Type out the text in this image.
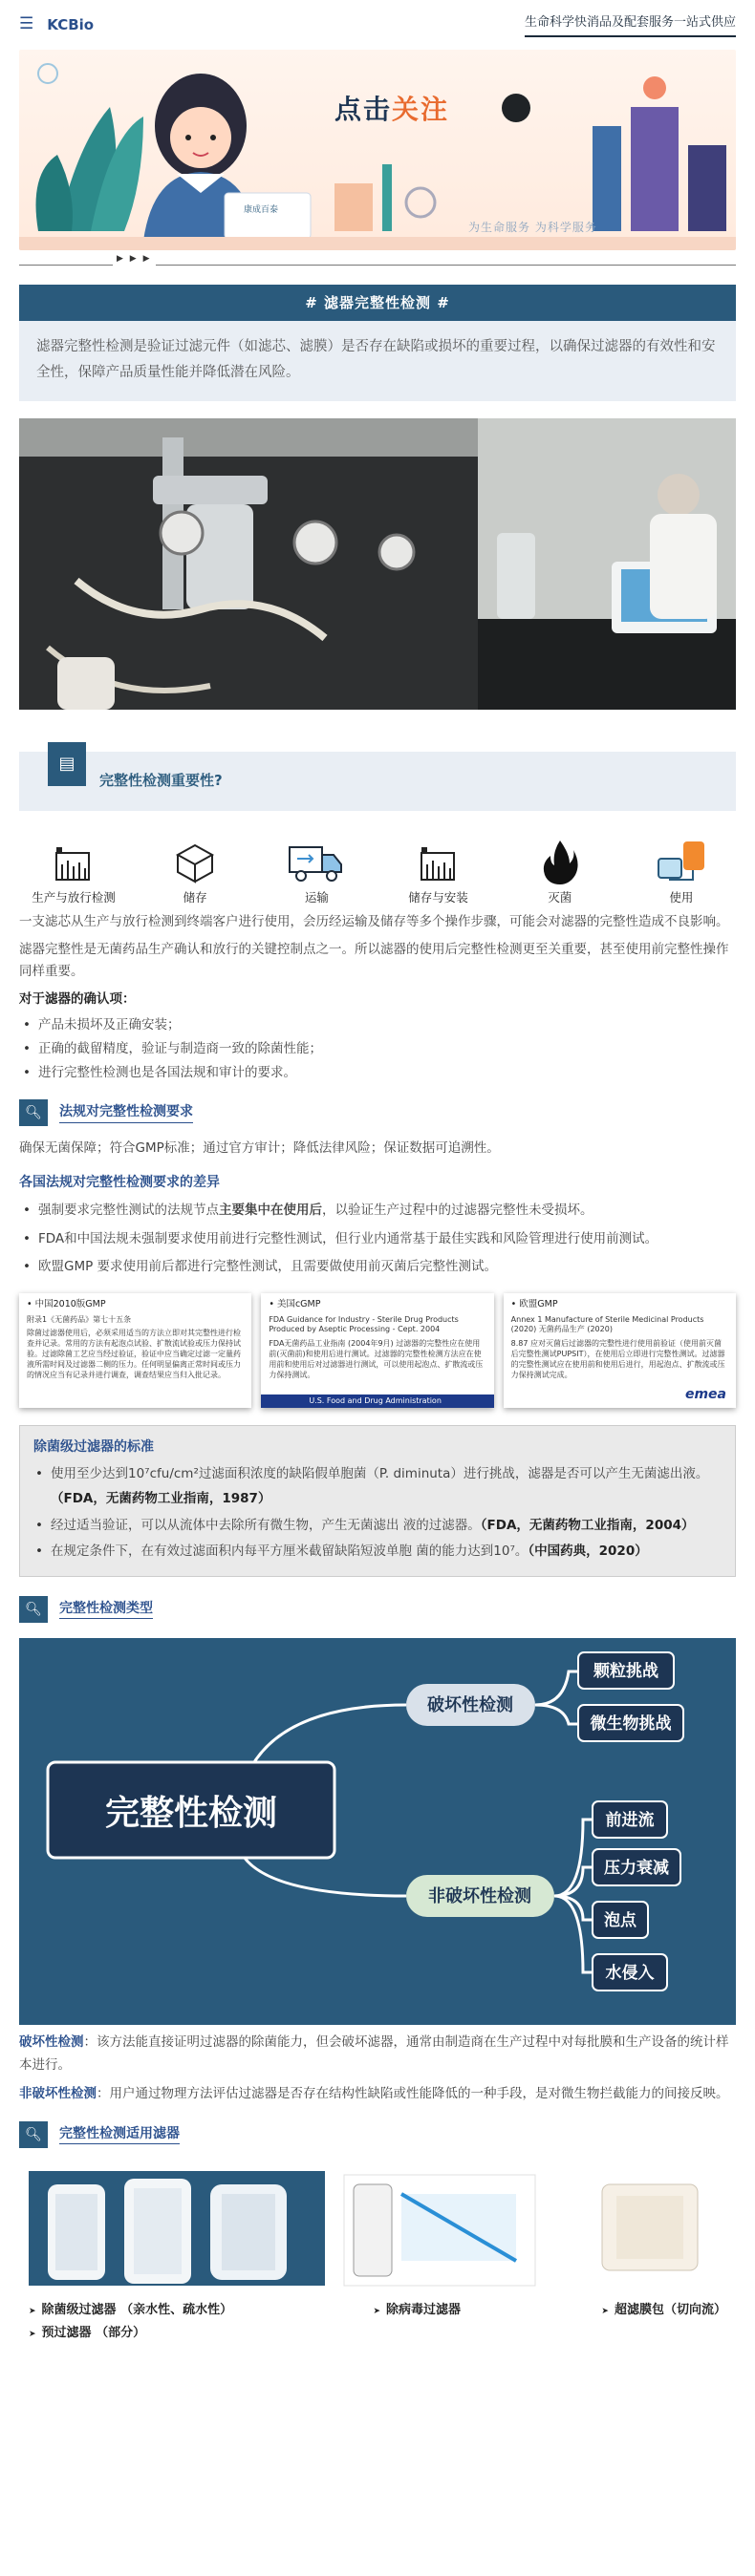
☰ KCBio	生命科学快消品及配套服务一站式供应
康成百泰
点击关注
为生命服务 为科学服务
▶ ▶ ▶
# 滤器完整性检测 #
滤器完整性检测是验证过滤元件（如滤芯、滤膜）是否存在缺陷或损坏的重要过程，以确保过滤器的有效性和安全性，保障产品质量性能并降低潜在风险。
▤
完整性检测重要性?
生产与放行检测	储存	运输	储存与安装	灭菌	使用

一支滤芯从生产与放行检测到终端客户进行使用，会历经运输及储存等多个操作步骤，可能会对滤器的完整性造成不良影响。

滤器完整性是无菌药品生产确认和放行的关键控制点之一。所以滤器的使用后完整性检测更至关重要，甚至使用前完整性操作同样重要。

对于滤器的确认项：
• 产品未损坏及正确安装；
• 正确的截留精度，验证与制造商一致的除菌性能；
• 进行完整性检测也是各国法规和审计的要求。
🔍︎	法规对完整性检测要求

确保无菌保障；符合GMP标准；通过官方审计；降低法律风险；保证数据可追溯性。

各国法规对完整性检测要求的差异
• 强制要求完整性测试的法规节点主要集中在使用后，以验证生产过程中的过滤器完整性未受损坏。
• FDA和中国法规未强制要求使用前进行完整性测试，但行业内通常基于最佳实践和风险管理进行使用前测试。
• 欧盟GMP 要求使用前后都进行完整性测试，且需要做使用前灭菌后完整性测试。
• 中国2010版GMP
附录1《无菌药品》第七十五条
除菌过滤器使用后，必须采用适当的方法立即对其完整性进行检查并记录。常用的方法有起泡点试验、扩散流试验或压力保持试验。过滤除菌工艺应当经过验证，验证中应当确定过滤一定量药液所需时间及过滤器二侧的压力。任何明显偏离正常时间或压力的情况应当有记录并进行调查，调查结果应当归入批记录。
• 美国cGMP
FDA Guidance for Industry - Sterile Drug Products Produced by Aseptic Processing - Cept. 2004
FDA无菌药品工业指南 (2004年9月) 过滤器的完整性应在使用前(灭菌前)和使用后进行测试。过滤器的完整性检测方法应在使用前和使用后对过滤器进行测试，可以使用起泡点、扩散流或压力保持测试。
U.S. Food and Drug Administration
• 欧盟GMP
Annex 1 Manufacture of Sterile Medicinal Products (2020) 无菌药品生产 (2020)
8.87 应对灭菌后过滤器的完整性进行使用前验证（使用前灭菌后完整性测试PUPSIT），在使用后立即进行完整性测试。过滤器的完整性测试应在使用前和使用后进行，用起泡点、扩散流或压力保持测试完成。
emea
除菌级过滤器的标准
• 使用至少达到10⁷cfu/cm²过滤面积浓度的缺陷假单胞菌（P. diminuta）进行挑战，滤器是否可以产生无菌滤出液。（FDA，无菌药物工业指南，1987）
• 经过适当验证，可以从流体中去除所有微生物，产生无菌滤出 液的过滤器。（FDA，无菌药物工业指南，2004）
• 在规定条件下，在有效过滤面积内每平方厘米截留缺陷短波单胞 菌的能力达到10⁷。（中国药典，2020）
🔍︎	完整性检测类型
完整性检测
破坏性检测
非破坏性检测
颗粒挑战
微生物挑战
前进流
压力衰减
泡点
水侵入

破坏性检测：该方法能直接证明过滤器的除菌能力，但会破坏滤器，通常由制造商在生产过程中对每批膜和生产设备的统计样本进行。

非破坏性检测：用户通过物理方法评估过滤器是否存在结构性缺陷或性能降低的一种手段，是对微生物拦截能力的间接反映。

🔍︎	完整性检测适用滤器
➤ 除菌级过滤器 （亲水性、疏水性）
➤ 预过滤器 （部分）
➤ 除病毒过滤器	➤ 超滤膜包（切向流）
